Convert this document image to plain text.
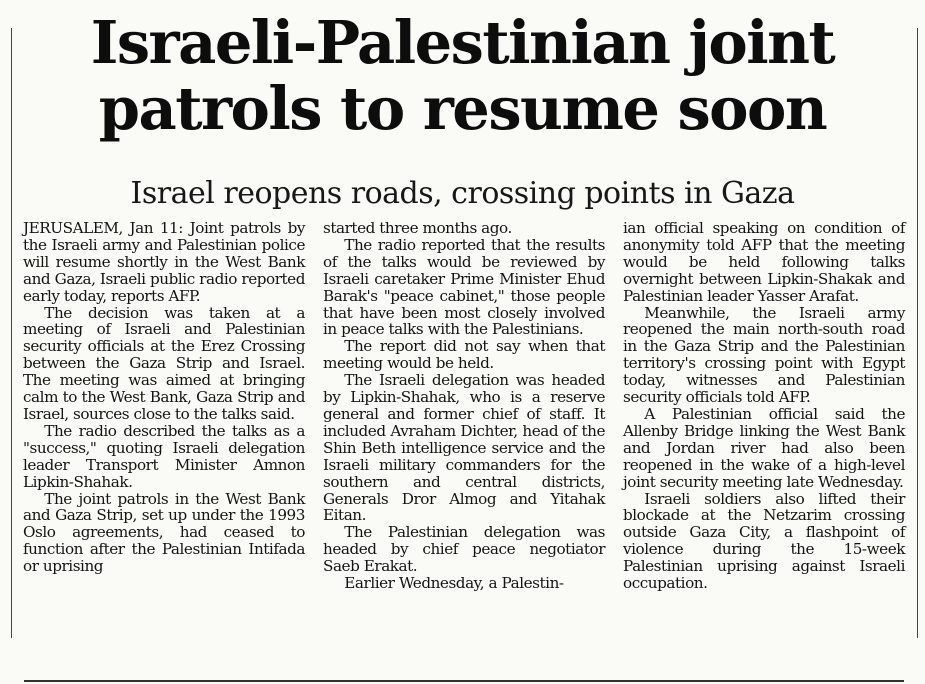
Israeli-Palestinian joint
patrols to resume soon
Israel reopens roads, crossing points in Gaza

JERUSALEM, Jan 11: Joint patrols by the Israeli army and Palestinian police will resume shortly in the West Bank and Gaza, Israeli public radio reported early today, reports AFP.

The decision was taken at a meeting of Israeli and Palestinian security officials at the Erez Crossing between the Gaza Strip and Israel. The meeting was aimed at bringing calm to the West Bank, Gaza Strip and Israel, sources close to the talks said.

The radio described the talks as a "success," quoting Israeli delegation leader Transport Minister Amnon Lipkin-Shahak.

The joint patrols in the West Bank and Gaza Strip, set up under the 1993 Oslo agreements, had ceased to function after the Palestinian Intifada or uprising

started three months ago.

The radio reported that the results of the talks would be reviewed by Israeli caretaker Prime Minister Ehud Barak's "peace cabinet," those people that have been most closely involved in peace talks with the Palestinians.

The report did not say when that meeting would be held.

The Israeli delegation was headed by Lipkin-Shahak, who is a reserve general and former chief of staff. It included Avraham Dichter, head of the Shin Beth intelligence service and the Israeli military commanders for the southern and central districts, Generals Dror Almog and Yitahak Eitan.

The Palestinian delegation was headed by chief peace negotiator Saeb Erakat.

Earlier Wednesday, a Palestin-

ian official speaking on condition of anonymity told AFP that the meeting would be held following talks overnight between Lipkin-Shakak and Palestinian leader Yasser Arafat.

Meanwhile, the Israeli army reopened the main north-south road in the Gaza Strip and the Palestinian territory's crossing point with Egypt today, witnesses and Palestinian security officials told AFP.

A Palestinian official said the Allenby Bridge linking the West Bank and Jordan river had also been reopened in the wake of a high-level joint security meeting late Wednesday.

Israeli soldiers also lifted their blockade at the Netzarim crossing outside Gaza City, a flashpoint of violence during the 15-week Palestinian uprising against Israeli occupation.
